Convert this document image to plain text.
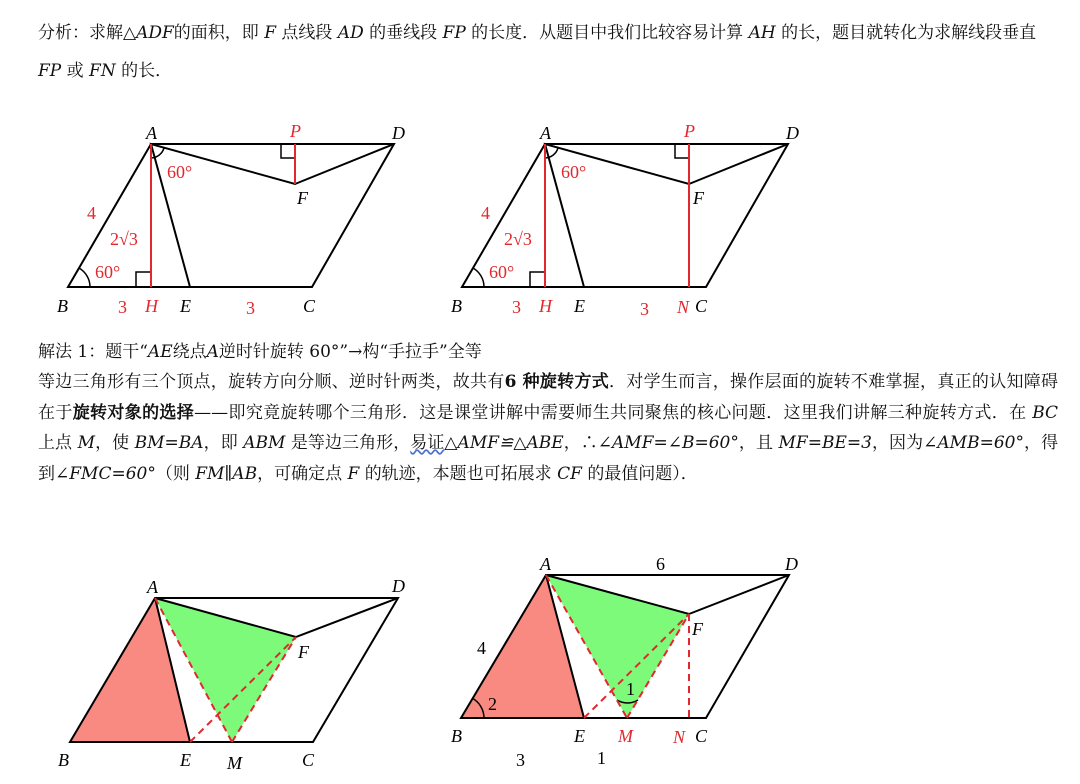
分析：求解△ADF的面积，即 F 点线段 AD 的垂线段 FP 的长度．从题目中我们比较容易计算 AH 的长，题目就转化为求解线段垂直 FP 或 FN 的长．
A	P	D
F
B	H E	C
4
2√3
60°
60°
3	3
A	P	D
F
B	H E	N C
4
2√3
60°
60°
3	3
解法 1：题干“AE绕点A逆时针旋转 60°”→构“手拉手”全等
等边三角形有三个顶点，旋转方向分顺、逆时针两类，故共有6 种旋转方式．对学生而言，操作层面的旋转不难掌握，真正的认知障碍在于旋转对象的选择——即究竟旋转哪个三角形．这是课堂讲解中需要师生共同聚焦的核心问题．这里我们讲解三种旋转方式．在 BC 上点 M，使 BM=BA，即 ABM 是等边三角形，易证△AMF≌△ABE，∴∠AMF=∠B=60°，且 MF=BE=3，因为∠AMB=60°，得到∠FMC=60°（则 FM∥AB，可确定点 F 的轨迹，本题也可拓展求 CF 的最值问题）．
A	D
F
B	E M	C
A	6	D
F
4
2
1
B	E M N C
3	1
